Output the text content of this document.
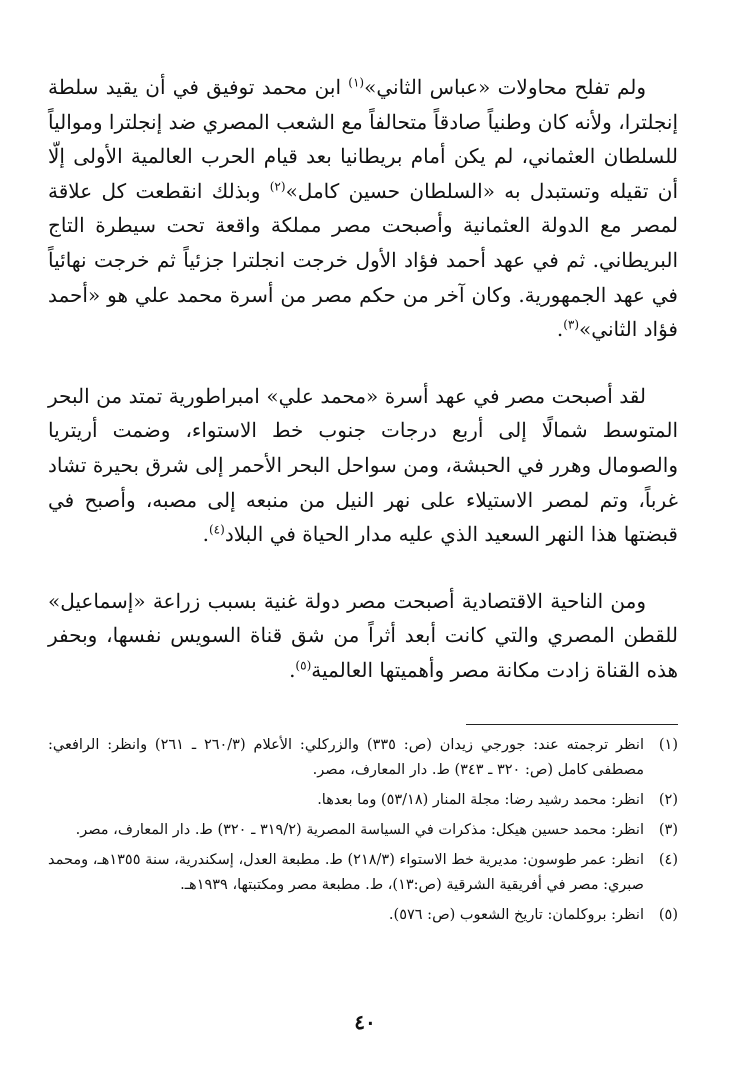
ولم تفلح محاولات «عباس الثاني»$^{(١)}$ ابن محمد توفيق في أن يقيد سلطة إنجلترا، ولأنه كان وطنياً صادقاً متحالفاً مع الشعب المصري ضد إنجلترا وموالياً للسلطان العثماني، لم يكن أمام بريطانيا بعد قيام الحرب العالمية الأولى إلّا أن تقيله وتستبدل به «السلطان حسين كامل»$^{(٢)}$ وبذلك انقطعت كل علاقة لمصر مع الدولة العثمانية وأصبحت مصر مملكة واقعة تحت سيطرة التاج البريطاني. ثم في عهد أحمد فؤاد الأول خرجت انجلترا جزئياً ثم خرجت نهائياً في عهد الجمهورية. وكان آخر من حكم مصر من أسرة محمد علي هو «أحمد فؤاد الثاني»$^{(٣)}$.

لقد أصبحت مصر في عهد أسرة «محمد علي» امبراطورية تمتد من البحر المتوسط شمالًا إلى أربع درجات جنوب خط الاستواء، وضمت أريتريا والصومال وهرر في الحبشة، ومن سواحل البحر الأحمر إلى شرق بحيرة تشاد غرباً، وتم لمصر الاستيلاء على نهر النيل من منبعه إلى مصبه، وأصبح في قبضتها هذا النهر السعيد الذي عليه مدار الحياة في البلاد$^{(٤)}$.

ومن الناحية الاقتصادية أصبحت مصر دولة غنية بسبب زراعة «إسماعيل» للقطن المصري والتي كانت أبعد أثراً من شق قناة السويس نفسها، وبحفر هذه القناة زادت مكانة مصر وأهميتها العالمية$^{(٥)}$.

(١)
انظر ترجمته عند: جورجي زيدان (ص: ٣٣٥) والزركلي: الأعلام (٢٦٠/٣ ـ ٢٦١) وانظر: الرافعي: مصطفى كامل (ص: ٣٢٠ ـ ٣٤٣) ط. دار المعارف، مصر.
(٢)
انظر: محمد رشيد رضا: مجلة المنار (٥٣/١٨) وما بعدها.
(٣)
انظر: محمد حسين هيكل: مذكرات في السياسة المصرية (٣١٩/٢ ـ ٣٢٠) ط. دار المعارف، مصر.
(٤)
انظر: عمر طوسون: مديرية خط الاستواء (٢١٨/٣) ط. مطبعة العدل، إسكندرية، سنة ١٣٥٥هـ، ومحمد صبري: مصر في أفريقية الشرقية (ص:١٣)، ط. مطبعة مصر ومكتبتها، ١٩٣٩هـ.
(٥)
انظر: بروكلمان: تاريخ الشعوب (ص: ٥٧٦).
٤٠
